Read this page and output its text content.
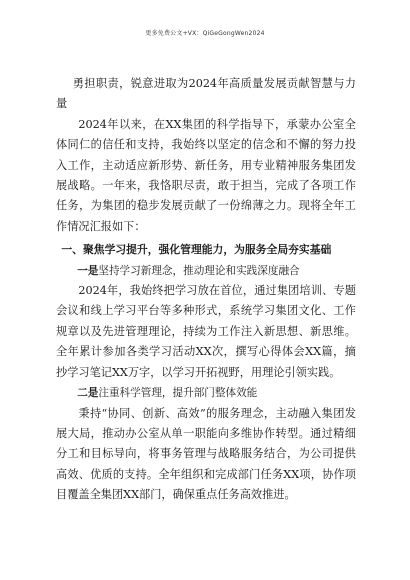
更多免费公文+VX：QiGeGongWen2024

勇担职责，锐意进取为2024年高质量发展贡献智慧与力量

2024年以来，在XX集团的科学指导下，承蒙办公室全体同仁的信任和支持，我始终以坚定的信念和不懈的努力投入工作，主动适应新形势、新任务，用专业精神服务集团发展战略。一年来，我恪职尽责，敢于担当，完成了各项工作任务，为集团的稳步发展贡献了一份绵薄之力。现将全年工作情况汇报如下：

一、聚焦学习提升，强化管理能力，为服务全局夯实基础

一是坚持学习新理念，推动理论和实践深度融合

2024年，我始终把学习放在首位，通过集团培训、专题会议和线上学习平台等多种形式，系统学习集团文化、工作规章以及先进管理理论，持续为工作注入新思想、新思维。全年累计参加各类学习活动XX次，撰写心得体会XX篇，摘抄学习笔记XX万字，以学习开拓视野，用理论引领实践。

二是注重科学管理，提升部门整体效能

秉持“协同、创新、高效”的服务理念，主动融入集团发展大局，推动办公室从单一职能向多维协作转型。通过精细分工和目标导向，将事务管理与战略服务结合，为公司提供高效、优质的支持。全年组织和完成部门任务XX项，协作项目覆盖全集团XX部门，确保重点任务高效推进。
